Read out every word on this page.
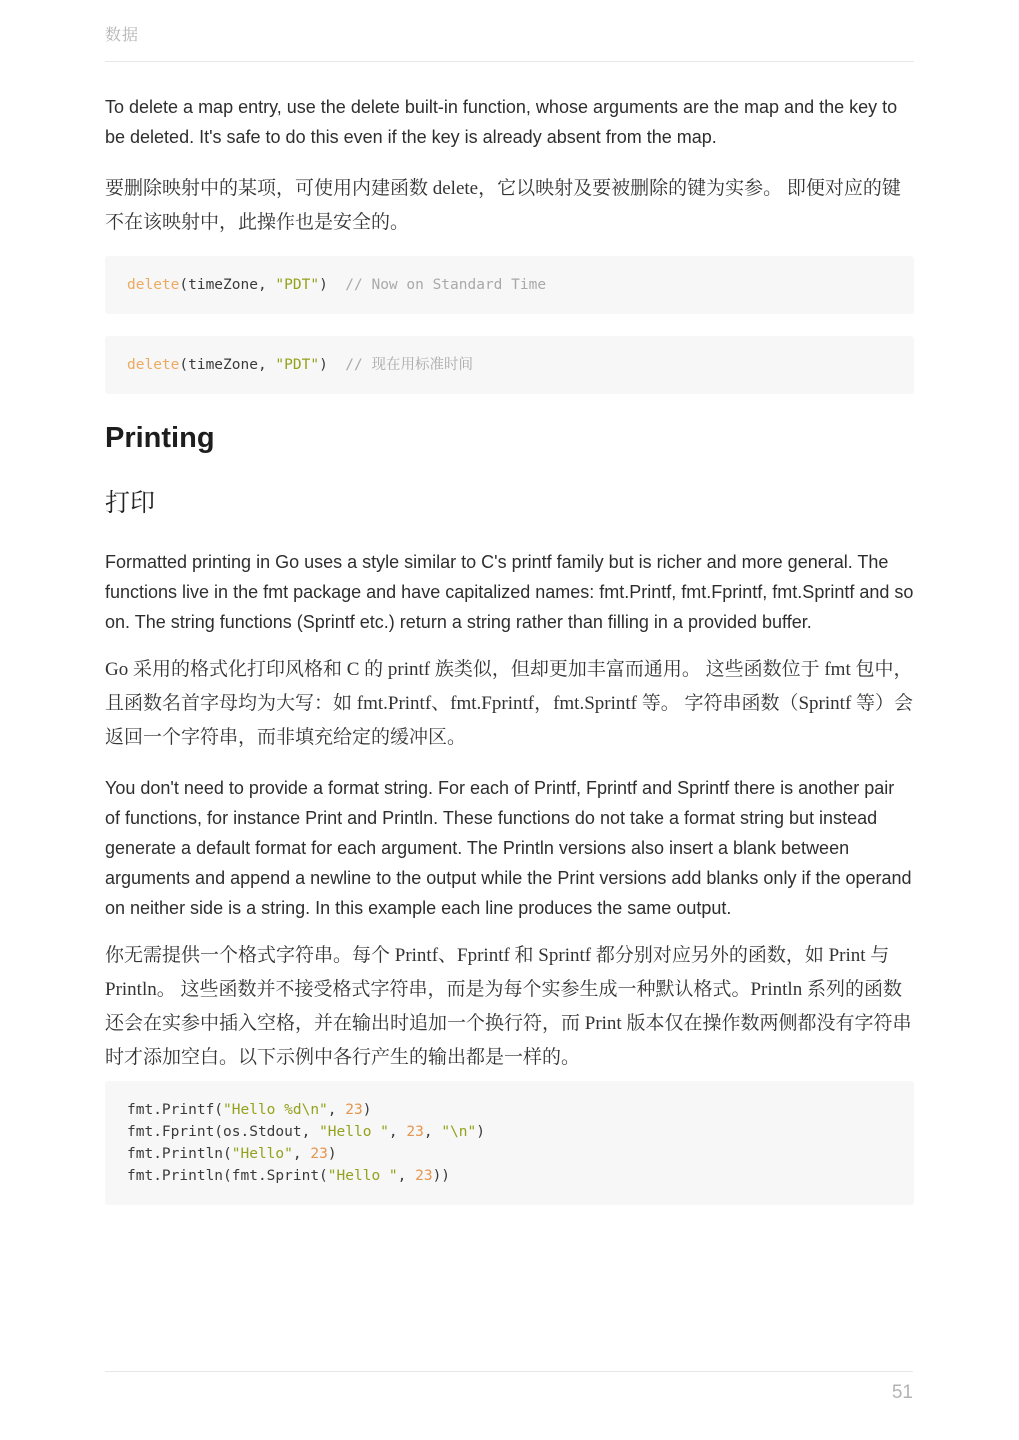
数据

To delete a map entry, use the delete built-in function, whose arguments are the map and the key to be deleted. It's safe to do this even if the key is already absent from the map.

要删除映射中的某项，可使用内建函数 delete，它以映射及要被删除的键为实参。 即便对应的键不在该映射中，此操作也是安全的。

delete(timeZone, "PDT") // Now on Standard Time
delete(timeZone, "PDT") // 现在用标准时间
Printing
打印

Formatted printing in Go uses a style similar to C's printf family but is richer and more general. The functions live in the fmt package and have capitalized names: fmt.Printf, fmt.Fprintf, fmt.Sprintf and so on. The string functions (Sprintf etc.) return a string rather than filling in a provided buffer.

Go 采用的格式化打印风格和 C 的 printf 族类似，但却更加丰富而通用。 这些函数位于 fmt 包中，且函数名首字母均为大写：如 fmt.Printf、fmt.Fprintf，fmt.Sprintf 等。 字符串函数（Sprintf 等）会返回一个字符串，而非填充给定的缓冲区。

You don't need to provide a format string. For each of Printf, Fprintf and Sprintf there is another pair of functions, for instance Print and Println. These functions do not take a format string but instead generate a default format for each argument. The Println versions also insert a blank between arguments and append a newline to the output while the Print versions add blanks only if the operand on neither side is a string. In this example each line produces the same output.

你无需提供一个格式字符串。每个 Printf、Fprintf 和 Sprintf 都分别对应另外的函数，如 Print 与 Println。 这些函数并不接受格式字符串，而是为每个实参生成一种默认格式。Println 系列的函数还会在实参中插入空格，并在输出时追加一个换行符，而 Print 版本仅在操作数两侧都没有字符串时才添加空白。以下示例中各行产生的输出都是一样的。

fmt.Printf("Hello %d\n", 23)
fmt.Fprint(os.Stdout, "Hello ", 23, "\n")
fmt.Println("Hello", 23)
fmt.Println(fmt.Sprint("Hello ", 23))
51
